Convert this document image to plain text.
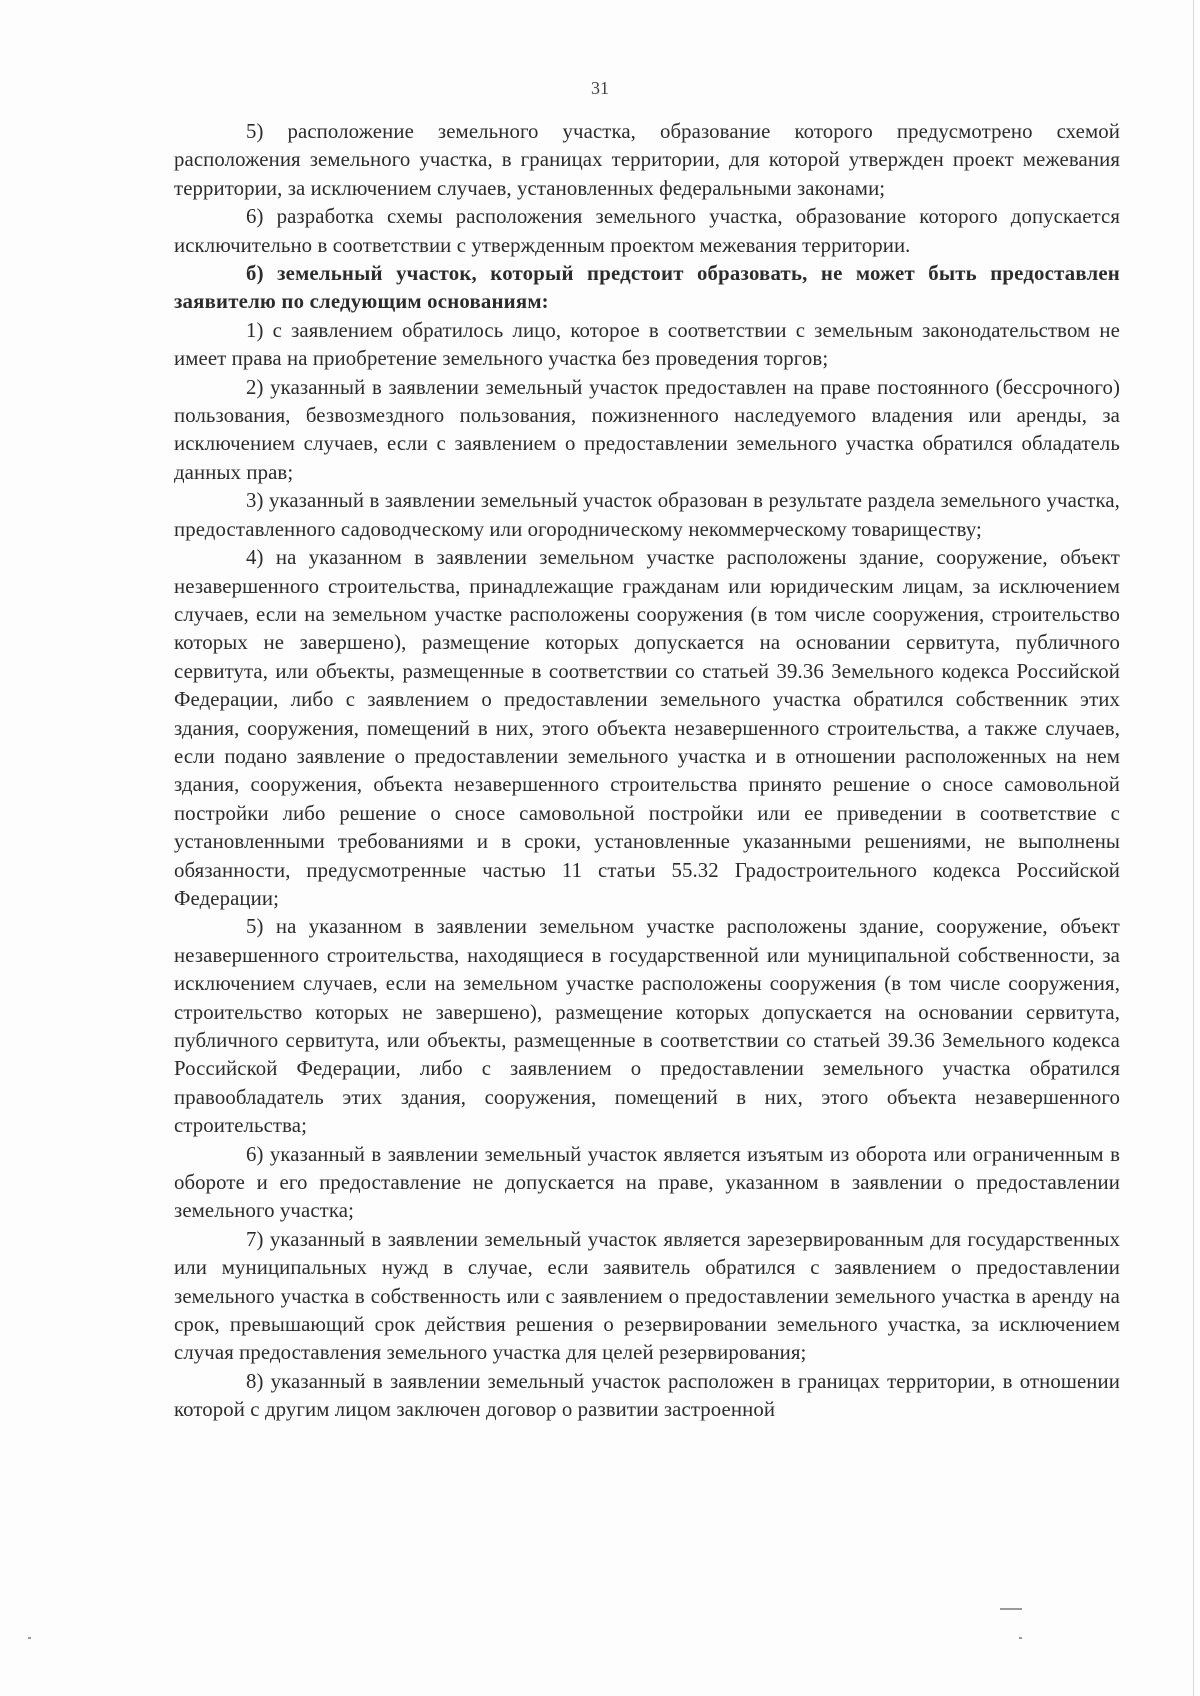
31

5) расположение земельного участка, образование которого предусмотрено схемой расположения земельного участка, в границах территории, для которой утвержден проект межевания территории, за исключением случаев, установленных федеральными законами;

6) разработка схемы расположения земельного участка, образование которого допускается исключительно в соответствии с утвержденным проектом межевания территории.

б) земельный участок, который предстоит образовать, не может быть предоставлен заявителю по следующим основаниям:

1) с заявлением обратилось лицо, которое в соответствии с земельным законодательством не имеет права на приобретение земельного участка без проведения торгов;

2) указанный в заявлении земельный участок предоставлен на праве постоянного (бессрочного) пользования, безвозмездного пользования, пожизненного наследуемого владения или аренды, за исключением случаев, если с заявлением о предоставлении земельного участка обратился обладатель данных прав;

3) указанный в заявлении земельный участок образован в результате раздела земельного участка, предоставленного садоводческому или огородническому некоммерческому товариществу;

4) на указанном в заявлении земельном участке расположены здание, сооружение, объект незавершенного строительства, принадлежащие гражданам или юридическим лицам, за исключением случаев, если на земельном участке расположены сооружения (в том числе сооружения, строительство которых не завершено), размещение которых допускается на основании сервитута, публичного сервитута, или объекты, размещенные в соответствии со статьей 39.36 Земельного кодекса Российской Федерации, либо с заявлением о предоставлении земельного участка обратился собственник этих здания, сооружения, помещений в них, этого объекта незавершенного строительства, а также случаев, если подано заявление о предоставлении земельного участка и в отношении расположенных на нем здания, сооружения, объекта незавершенного строительства принято решение о сносе самовольной постройки либо решение о сносе самовольной постройки или ее приведении в соответствие с установленными требованиями и в сроки, установленные указанными решениями, не выполнены обязанности, предусмотренные частью 11 статьи 55.32 Градостроительного кодекса Российской Федерации;

5) на указанном в заявлении земельном участке расположены здание, сооружение, объект незавершенного строительства, находящиеся в государственной или муниципальной собственности, за исключением случаев, если на земельном участке расположены сооружения (в том числе сооружения, строительство которых не завершено), размещение которых допускается на основании сервитута, публичного сервитута, или объекты, размещенные в соответствии со статьей 39.36 Земельного кодекса Российской Федерации, либо с заявлением о предоставлении земельного участка обратился правообладатель этих здания, сооружения, помещений в них, этого объекта незавершенного строительства;

6) указанный в заявлении земельный участок является изъятым из оборота или ограниченным в обороте и его предоставление не допускается на праве, указанном в заявлении о предоставлении земельного участка;

7) указанный в заявлении земельный участок является зарезервированным для государственных или муниципальных нужд в случае, если заявитель обратился с заявлением о предоставлении земельного участка в собственность или с заявлением о предоставлении земельного участка в аренду на срок, превышающий срок действия решения о резервировании земельного участка, за исключением случая предоставления земельного участка для целей резервирования;

8) указанный в заявлении земельный участок расположен в границах территории, в отношении которой с другим лицом заключен договор о развитии застроенной
